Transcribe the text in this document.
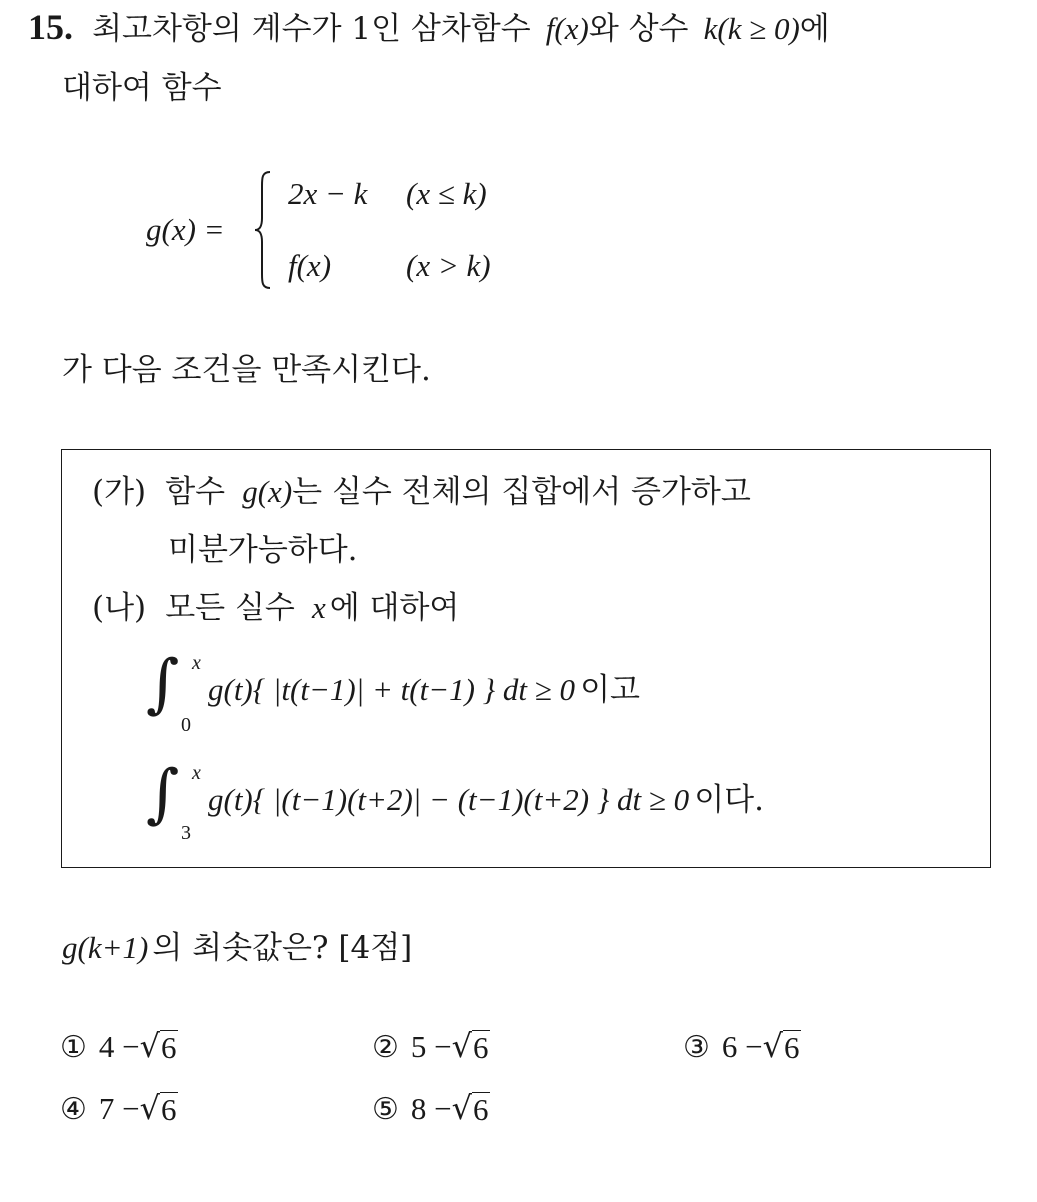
15. 최고차항의 계수가 1인 삼차함수 f(x)와 상수 k(k ≥ 0)에
대하여 함수
g(x) =
2x − k (x ≤ k)
f(x) (x > k)
가 다음 조건을 만족시킨다.
(가) 함수 g(x)는 실수 전체의 집합에서 증가하고
미분가능하다.
(나) 모든 실수 x 에 대하여
∫ x
0
g(t){ |t(t−1)| + t(t−1) } dt ≥ 0 이고
∫ x
3
g(t){ |(t−1)(t+2)| − (t−1)(t+2) } dt ≥ 0 이다.
g(k+1) 의 최솟값은? [4점]
① 4 − √ 6	② 5 − √ 6	③ 6 − √ 6
④ 7 − √ 6	⑤ 8 − √ 6
